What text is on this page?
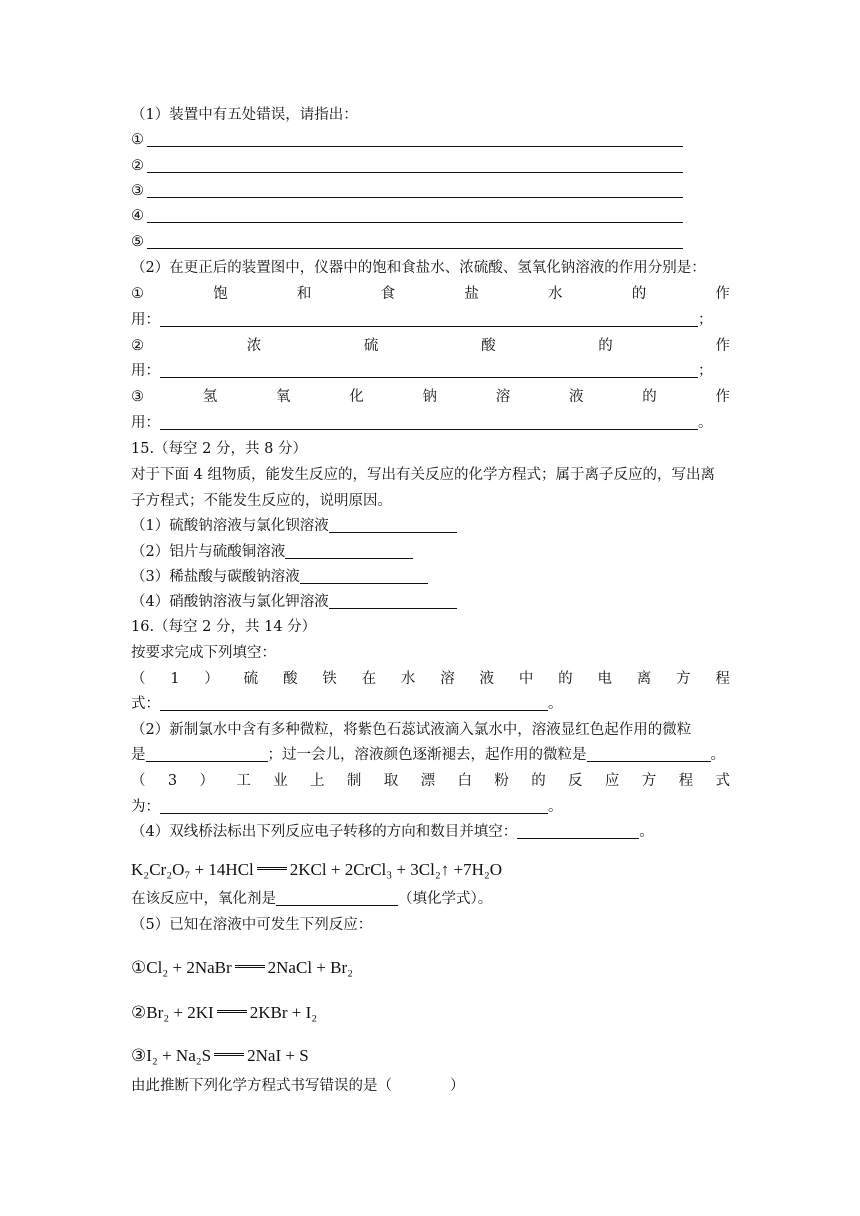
（1）装置中有五处错误，请指出：
①
②
③
④
⑤
（2）在更正后的装置图中，仪器中的饱和食盐水、浓硫酸、氢氧化钠溶液的作用分别是：
①	饱	和	食	盐	水	的	作
用：	；
②	浓	硫	酸	的	作
用：	；
③	氢	氧	化	钠	溶	液	的	作
用：	。
15.（每空 2 分，共 8 分）
对于下面 4 组物质，能发生反应的，写出有关反应的化学方程式；属于离子反应的，写出离
子方程式；不能发生反应的，说明原因。
（1）硫酸钠溶液与氯化钡溶液
（2）铝片与硫酸铜溶液
（3）稀盐酸与碳酸钠溶液
（4）硝酸钠溶液与氯化钾溶液
16.（每空 2 分，共 14 分）
按要求完成下列填空：
（ 1 ） 硫 酸 铁 在 水 溶 液 中 的 电 离 方 程
式：	。
（2）新制氯水中含有多种微粒，将紫色石蕊试液滴入氯水中，溶液显红色起作用的微粒
是	；过一会儿，溶液颜色逐渐褪去，起作用的微粒是	。
（ 3 ） 工 业 上 制 取 漂 白 粉 的 反 应 方 程 式
为：	。
（4）双线桥法标出下列反应电子转移的方向和数目并填空：	。
K₂Cr₂O₇ + 14HCl 2KCl + 2CrCl₃ + 3Cl₂↑ +7H₂O
在该反应中，氧化剂是	（填化学式）。
（5）已知在溶液中可发生下列反应：
①Cl₂ + 2NaBr 2NaCl + Br₂
②Br₂ + 2KI 2KBr + I₂
③I₂ + Na₂S 2NaI + S
由此推断下列化学方程式书写错误的是（　　　　）
